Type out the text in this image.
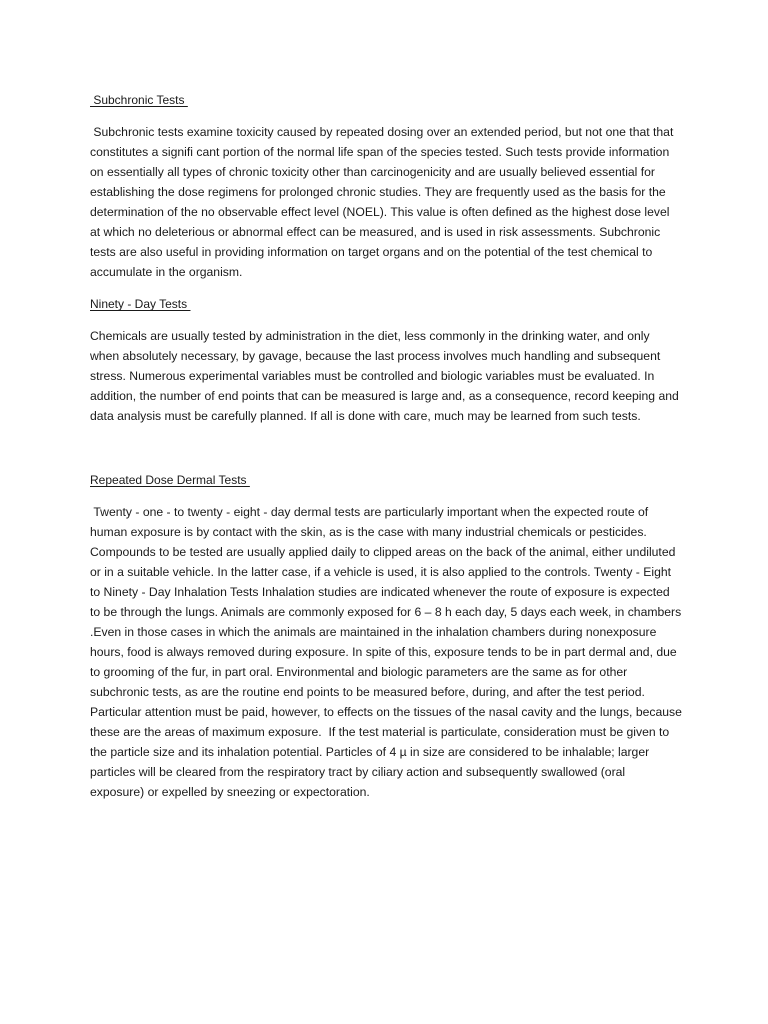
Subchronic Tests

Subchronic tests examine toxicity caused by repeated dosing over an extended period, but not one that that constitutes a signifi cant portion of the normal life span of the species tested. Such tests provide information on essentially all types of chronic toxicity other than carcinogenicity and are usually believed essential for establishing the dose regimens for prolonged chronic studies. They are frequently used as the basis for the determination of the no observable effect level (NOEL). This value is often defined as the highest dose level at which no deleterious or abnormal effect can be measured, and is used in risk assessments. Subchronic tests are also useful in providing information on target organs and on the potential of the test chemical to accumulate in the organism.

Ninety - Day Tests

Chemicals are usually tested by administration in the diet, less commonly in the drinking water, and only when absolutely necessary, by gavage, because the last process involves much handling and subsequent stress. Numerous experimental variables must be controlled and biologic variables must be evaluated. In addition, the number of end points that can be measured is large and, as a consequence, record keeping and data analysis must be carefully planned. If all is done with care, much may be learned from such tests.

Repeated Dose Dermal Tests

Twenty - one - to twenty - eight - day dermal tests are particularly important when the expected route of human exposure is by contact with the skin, as is the case with many industrial chemicals or pesticides. Compounds to be tested are usually applied daily to clipped areas on the back of the animal, either undiluted or in a suitable vehicle. In the latter case, if a vehicle is used, it is also applied to the controls. Twenty - Eight to Ninety - Day Inhalation Tests Inhalation studies are indicated whenever the route of exposure is expected to be through the lungs. Animals are commonly exposed for 6 – 8 h each day, 5 days each week, in chambers .Even in those cases in which the animals are maintained in the inhalation chambers during nonexposure hours, food is always removed during exposure. In spite of this, exposure tends to be in part dermal and, due to grooming of the fur, in part oral. Environmental and biologic parameters are the same as for other subchronic tests, as are the routine end points to be measured before, during, and after the test period. Particular attention must be paid, however, to effects on the tissues of the nasal cavity and the lungs, because these are the areas of maximum exposure.  If the test material is particulate, consideration must be given to the particle size and its inhalation potential. Particles of 4 µ in size are considered to be inhalable; larger particles will be cleared from the respiratory tract by ciliary action and subsequently swallowed (oral exposure) or expelled by sneezing or expectoration.
